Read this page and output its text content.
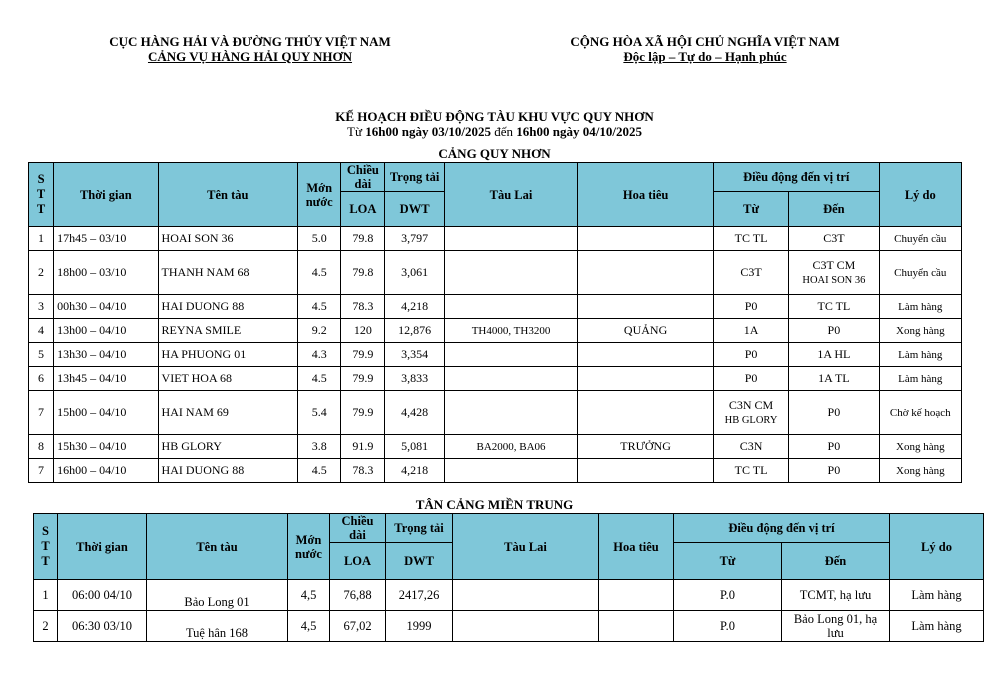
CỤC HÀNG HẢI VÀ ĐƯỜNG THỦY VIỆT NAM
CẢNG VỤ HÀNG HẢI QUY NHƠN
CỘNG HÒA XÃ HỘI CHỦ NGHĨA VIỆT NAM
Độc lập – Tự do – Hạnh phúc
KẾ HOẠCH ĐIỀU ĐỘNG TÀU KHU VỰC QUY NHƠN
Từ 16h00 ngày 03/10/2025 đến 16h00 ngày 04/10/2025
CẢNG QUY NHƠN
S
T
T	Thời gian	Tên tàu	Mớn nước	Chiều dài	Trọng tải	Tàu Lai	Hoa tiêu	Điều động đến vị trí		Lý do
				LOA	DWT			Từ	Đến	
1	17h45 – 03/10	HOAI SON 36	5.0	79.8	3,797			TC TL	C3T	Chuyển cầu
2	18h00 – 03/10	THANH NAM 68	4.5	79.8	3,061			C3T	C3T CM
HOAI SON 36	Chuyển cầu
3	00h30 – 04/10	HAI DUONG 88	4.5	78.3	4,218			P0	TC TL	Làm hàng
4	13h00 – 04/10	REYNA SMILE	9.2	120	12,876	TH4000, TH3200	QUẢNG	1A	P0	Xong hàng
5	13h30 – 04/10	HA PHUONG 01	4.3	79.9	3,354			P0	1A HL	Làm hàng
6	13h45 – 04/10	VIET HOA 68	4.5	79.9	3,833			P0	1A TL	Làm hàng
7	15h00 – 04/10	HAI NAM 69	5.4	79.9	4,428			C3N CM
HB GLORY	P0	Chờ kế hoạch
8	15h30 – 04/10	HB GLORY	3.8	91.9	5,081	BA2000, BA06	TRƯỞNG	C3N	P0	Xong hàng
7	16h00 – 04/10	HAI DUONG 88	4.5	78.3	4,218			TC TL	P0	Xong hàng
TÂN CẢNG MIỀN TRUNG
S
T
T	Thời gian	Tên tàu	Mớn nước	Chiều dài	Trọng tải	Tàu Lai	Hoa tiêu	Điều động đến vị trí		Lý do
				LOA	DWT			Từ	Đến	
1	06:00 04/10	Bảo Long 01	4,5	76,88	2417,26			P.0	TCMT, hạ lưu	Làm hàng
2	06:30 03/10	Tuệ hân 168	4,5	67,02	1999			P.0	Bảo Long 01, hạ
lưu	Làm hàng
